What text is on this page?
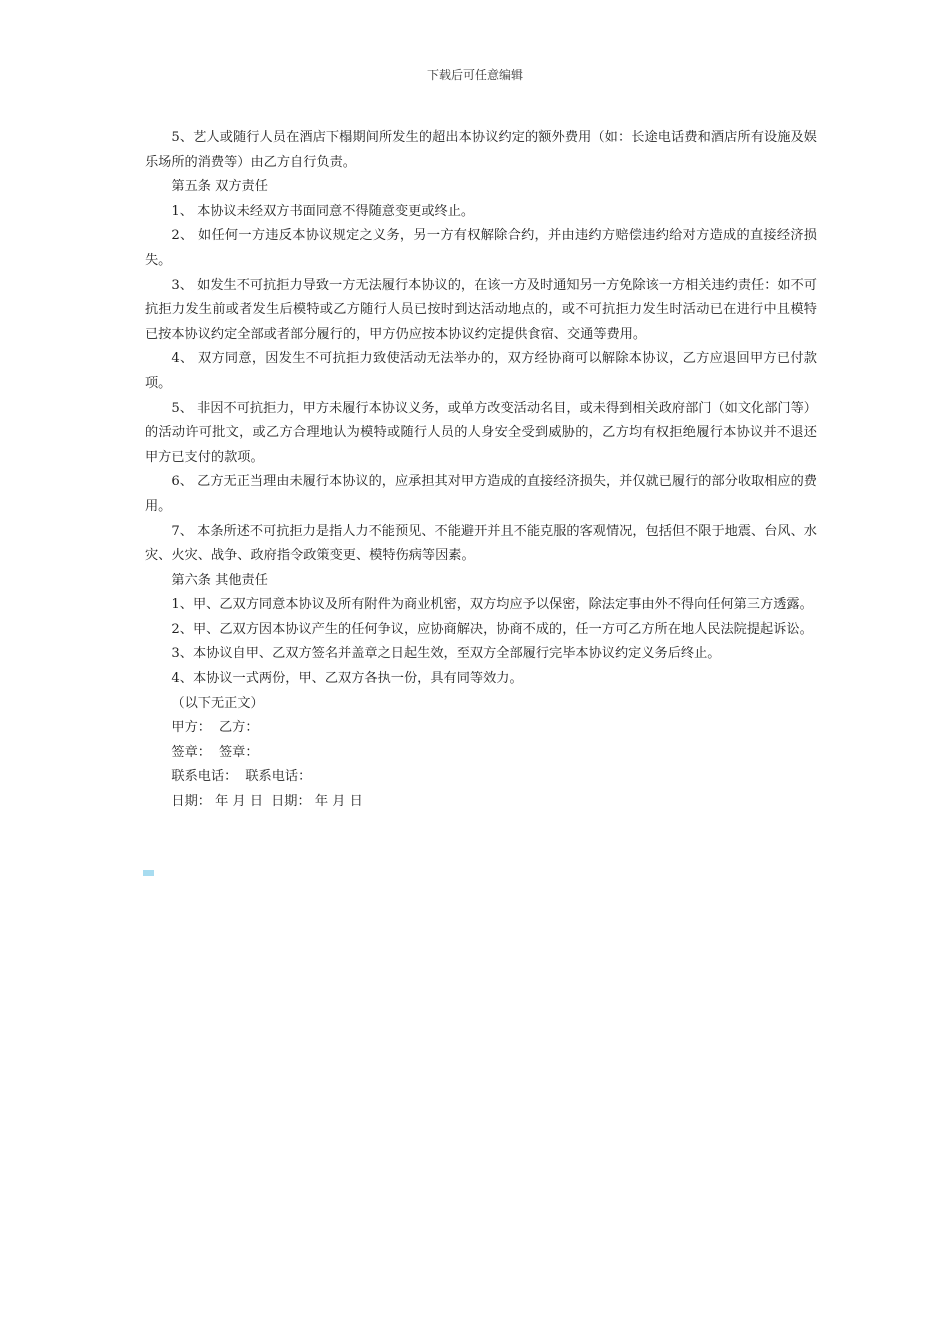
下载后可任意编辑

5、艺人或随行人员在酒店下榻期间所发生的超出本协议约定的额外费用（如：长途电话费和酒店所有设施及娱乐场所的消费等）由乙方自行负责。

第五条 双方责任

1、 本协议未经双方书面同意不得随意变更或终止。

2、 如任何一方违反本协议规定之义务，另一方有权解除合约，并由违约方赔偿违约给对方造成的直接经济损失。

3、 如发生不可抗拒力导致一方无法履行本协议的，在该一方及时通知另一方免除该一方相关违约责任：如不可抗拒力发生前或者发生后模特或乙方随行人员已按时到达活动地点的，或不可抗拒力发生时活动已在进行中且模特已按本协议约定全部或者部分履行的，甲方仍应按本协议约定提供食宿、交通等费用。

4、 双方同意，因发生不可抗拒力致使活动无法举办的，双方经协商可以解除本协议，乙方应退回甲方已付款项。

5、 非因不可抗拒力，甲方未履行本协议义务，或单方改变活动名目，或未得到相关政府部门（如文化部门等）的活动许可批文，或乙方合理地认为模特或随行人员的人身安全受到威胁的，乙方均有权拒绝履行本协议并不退还甲方已支付的款项。

6、 乙方无正当理由未履行本协议的，应承担其对甲方造成的直接经济损失，并仅就已履行的部分收取相应的费用。

7、 本条所述不可抗拒力是指人力不能预见、不能避开并且不能克服的客观情况，包括但不限于地震、台风、水灾、火灾、战争、政府指令政策变更、模特伤病等因素。

第六条 其他责任

1、甲、乙双方同意本协议及所有附件为商业机密，双方均应予以保密，除法定事由外不得向任何第三方透露。

2、甲、乙双方因本协议产生的任何争议，应协商解决，协商不成的，任一方可乙方所在地人民法院提起诉讼。

3、本协议自甲、乙双方签名并盖章之日起生效，至双方全部履行完毕本协议约定义务后终止。

4、本协议一式两份，甲、乙双方各执一份，具有同等效力。

（以下无正文）

甲方： 乙方：

签章： 签章：

联系电话： 联系电话：

日期： 年 月 日 日期： 年 月 日
